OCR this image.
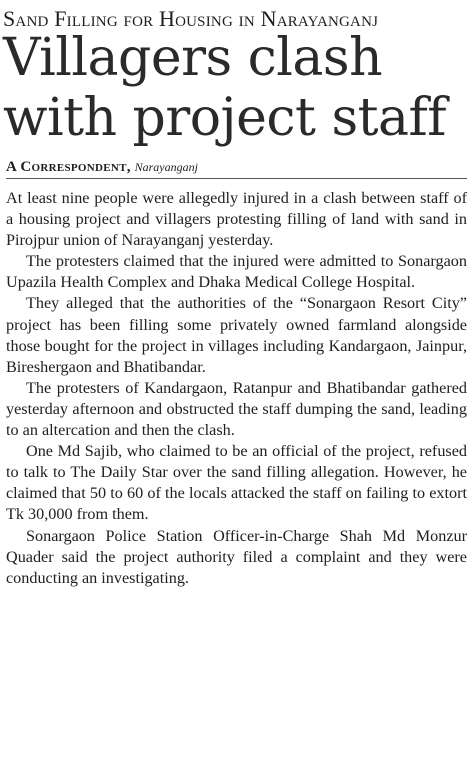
Sand Filling for Housing in Narayanganj
Villagers clash
with project staff
A Correspondent, Narayanganj

At least nine people were allegedly injured in a clash between staff of a housing project and villagers protesting filling of land with sand in Pirojpur union of Narayanganj yesterday.

The protesters claimed that the injured were admitted to Sonargaon Upazila Health Complex and Dhaka Medical College Hospital.

They alleged that the authorities of the “Sonargaon Resort City” project has been filling some privately owned farmland alongside those bought for the project in villages including Kandargaon, Jainpur, Bireshergaon and Bhatibandar.

The protesters of Kandargaon, Ratanpur and Bhatibandar gathered yesterday afternoon and obstructed the staff dumping the sand, leading to an altercation and then the clash.

One Md Sajib, who claimed to be an official of the project, refused to talk to The Daily Star over the sand filling allegation. However, he claimed that 50 to 60 of the locals attacked the staff on failing to extort Tk 30,000 from them.

Sonargaon Police Station Officer-in-Charge Shah Md Monzur Quader said the project authority filed a complaint and they were conducting an investigating.
